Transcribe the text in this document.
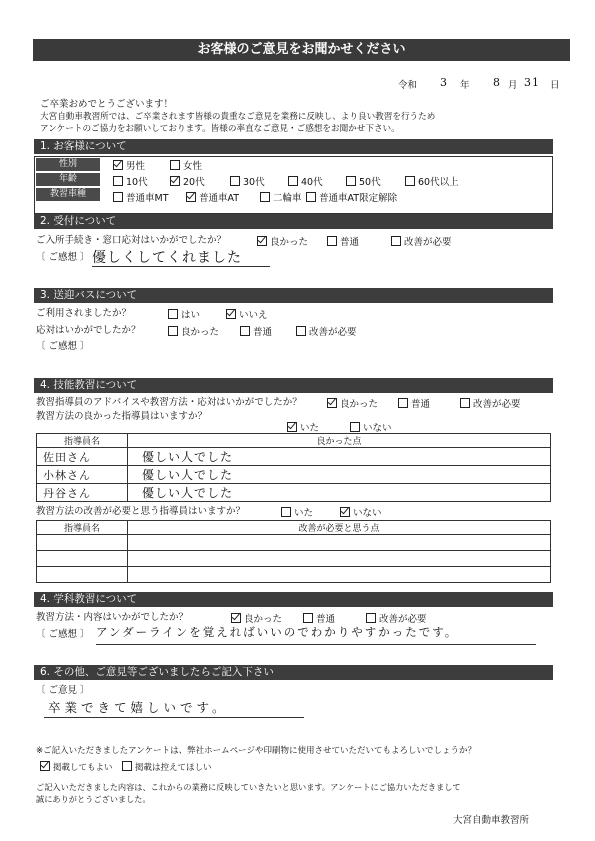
お客様のご意見をお聞かせください
令和 3 年 8 月 31 日
ご卒業おめでとうございます！
大宮自動車教習所では、ご卒業されます皆様の貴重なご意見を業務に反映し、より良い教習を行うため
アンケートのご協力をお願いしております。皆様の率直なご意見・ご感想をお聞かせ下さい。
1. お客様について
性別
年齢
教習車種
男性	女性
10代	20代	30代	40代	50代	60代以上
普通車MT	普通車AT	二輪車	普通車AT限定解除
2. 受付について
ご入所手続き・窓口応対はいかがでしたか？	良かった	普通	改善が必要
〔 ご感想 〕 優しくしてくれました
3. 送迎バスについて
ご利用されましたか？	はい	いいえ
応対はいかがでしたか？	良かった	普通	改善が必要
〔 ご感想 〕
4. 技能教習について
教習指導員のアドバイスや教習方法・応対はいかがでしたか？	良かった	普通	改善が必要
教習方法の良かった指導員はいますか？
いた	いない
指導員名	良かった点
佐田さん	優しい人でした
小林さん	優しい人でした
丹谷さん	優しい人でした
教習方法の改善が必要と思う指導員はいますか？	いた	いない
指導員名	改善が必要と思う点

4. 学科教習について
教習方法・内容はいかがでしたか？	良かった	普通	改善が必要
〔 ご感想 〕 アンダーラインを覚えればいいのでわかりやすかったです。
6. その他、ご意見等ございましたらご記入下さい
〔 ご意見 〕
卒業できて嬉しいです。
※ご記入いただきましたアンケートは、弊社ホームページや印刷物に使用させていただいてもよろしいでしょうか？
掲載してもよい	掲載は控えてほしい
ご記入いただきました内容は、これからの業務に反映していきたいと思います。アンケートにご協力いただきまして
誠にありがとうございました。
大宮自動車教習所
